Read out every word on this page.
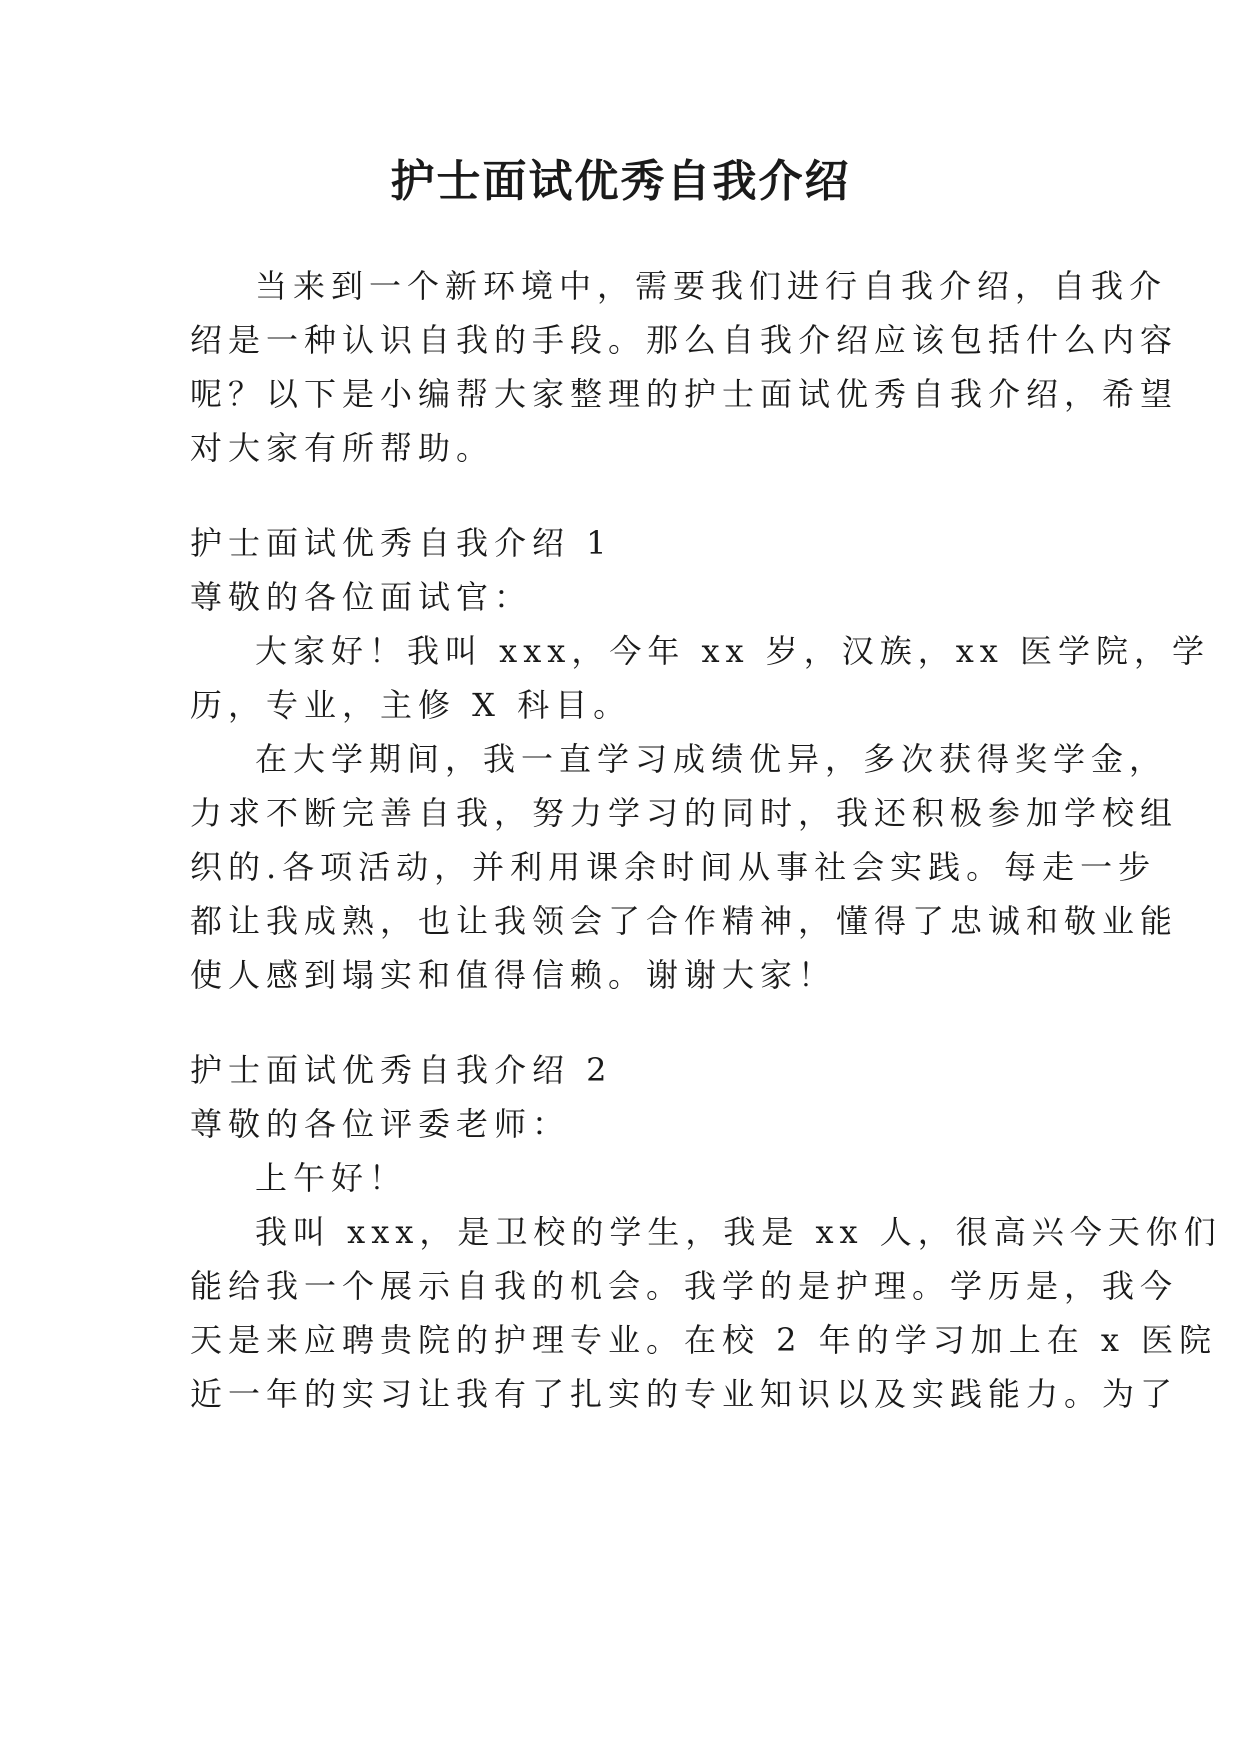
护士面试优秀自我介绍
当来到一个新环境中，需要我们进行自我介绍，自我介
绍是一种认识自我的手段。那么自我介绍应该包括什么内容
呢？以下是小编帮大家整理的护士面试优秀自我介绍，希望
对大家有所帮助。
护士面试优秀自我介绍 1
尊敬的各位面试官：
大家好！我叫 xxx，今年 xx 岁，汉族，xx 医学院，学
历，专业，主修 X 科目。
在大学期间，我一直学习成绩优异，多次获得奖学金，
力求不断完善自我，努力学习的同时，我还积极参加学校组
织的.各项活动，并利用课余时间从事社会实践。每走一步
都让我成熟，也让我领会了合作精神，懂得了忠诚和敬业能
使人感到塌实和值得信赖。谢谢大家！
护士面试优秀自我介绍 2
尊敬的各位评委老师：
上午好！
我叫 xxx，是卫校的学生，我是 xx 人，很高兴今天你们
能给我一个展示自我的机会。我学的是护理。学历是，我今
天是来应聘贵院的护理专业。在校 2 年的学习加上在 x 医院
近一年的实习让我有了扎实的专业知识以及实践能力。为了
